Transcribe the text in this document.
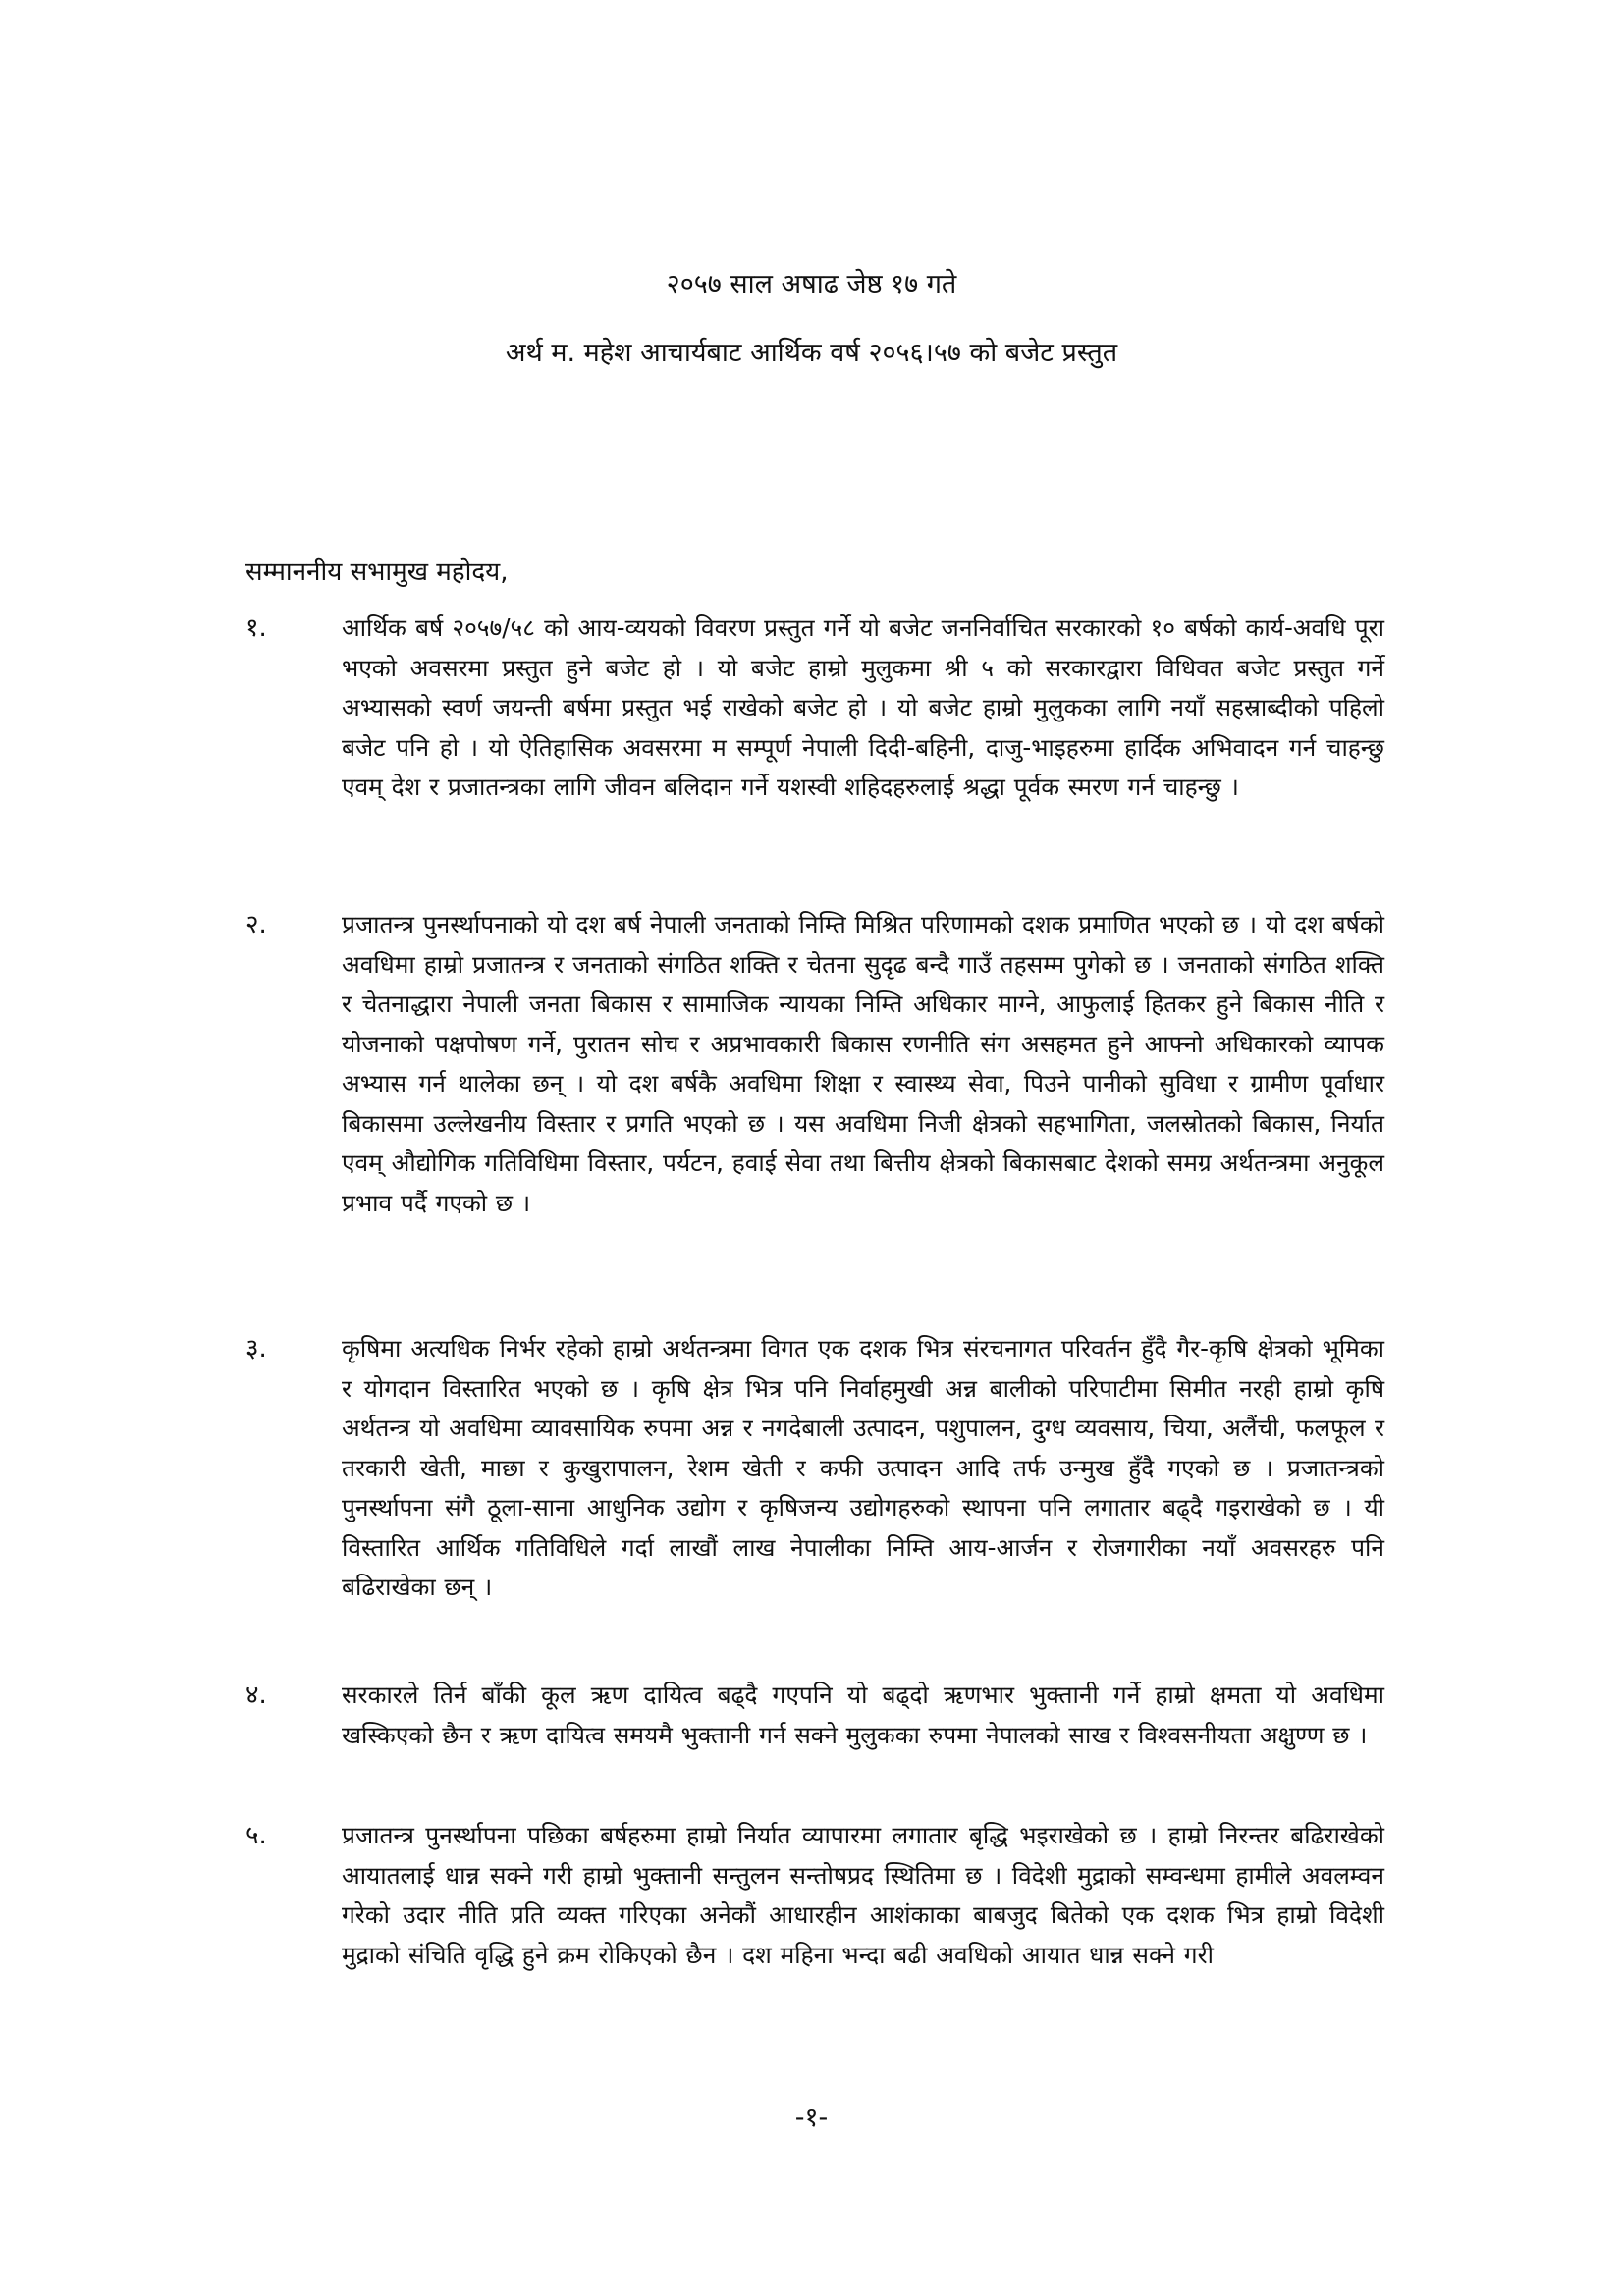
२०५७ साल अषाढ जेष्ठ १७ गते
अर्थ म. महेश आचार्यबाट आर्थिक वर्ष २०५६।५७ को बजेट प्रस्तुत
सम्माननीय सभामुख महोदय,
१.	आर्थिक बर्ष २०५७/५८ को आय-व्ययको विवरण प्रस्तुत गर्ने यो बजेट जननिर्वाचित सरकारको १० बर्षको कार्य-अवधि पूरा भएको अवसरमा प्रस्तुत हुने बजेट हो । यो बजेट हाम्रो मुलुकमा श्री ५ को सरकारद्वारा विधिवत बजेट प्रस्तुत गर्ने अभ्यासको स्वर्ण जयन्ती बर्षमा प्रस्तुत भई राखेको बजेट हो । यो बजेट हाम्रो मुलुकका लागि नयाँ सहस्राब्दीको पहिलो बजेट पनि हो । यो ऐतिहासिक अवसरमा म सम्पूर्ण नेपाली दिदी-बहिनी, दाजु-भाइहरुमा हार्दिक अभिवादन गर्न चाहन्छु एवम् देश र प्रजातन्त्रका लागि जीवन बलिदान गर्ने यशस्वी शहिदहरुलाई श्रद्धा पूर्वक स्मरण गर्न चाहन्छु ।
२.	प्रजातन्त्र पुनर्स्थापनाको यो दश बर्ष नेपाली जनताको निम्ति मिश्रित परिणामको दशक प्रमाणित भएको छ । यो दश बर्षको अवधिमा हाम्रो प्रजातन्त्र र जनताको संगठित शक्ति र चेतना सुदृढ बन्दै गाउँ तहसम्म पुगेको छ । जनताको संगठित शक्ति र चेतनाद्धारा नेपाली जनता बिकास र सामाजिक न्यायका निम्ति अधिकार माग्ने, आफुलाई हितकर हुने बिकास नीति र योजनाको पक्षपोषण गर्ने, पुरातन सोच र अप्रभावकारी बिकास रणनीति संग असहमत हुने आफ्नो अधिकारको व्यापक अभ्यास गर्न थालेका छन् । यो दश बर्षकै अवधिमा शिक्षा र स्वास्थ्य सेवा, पिउने पानीको सुविधा र ग्रामीण पूर्वाधार बिकासमा उल्लेखनीय विस्तार र प्रगति भएको छ । यस अवधिमा निजी क्षेत्रको सहभागिता, जलस्रोतको बिकास, निर्यात एवम् औद्योगिक गतिविधिमा विस्तार, पर्यटन, हवाई सेवा तथा बित्तीय क्षेत्रको बिकासबाट देशको समग्र अर्थतन्त्रमा अनुकूल प्रभाव पर्दै गएको छ ।
३.	कृषिमा अत्यधिक निर्भर रहेको हाम्रो अर्थतन्त्रमा विगत एक दशक भित्र संरचनागत परिवर्तन हुँदै गैर-कृषि क्षेत्रको भूमिका र योगदान विस्तारित भएको छ । कृषि क्षेत्र भित्र पनि निर्वाहमुखी अन्न बालीको परिपाटीमा सिमीत नरही हाम्रो कृषि अर्थतन्त्र यो अवधिमा व्यावसायिक रुपमा अन्न र नगदेबाली उत्पादन, पशुपालन, दुग्ध व्यवसाय, चिया, अलैंची, फलफूल र तरकारी खेती, माछा र कुखुरापालन, रेशम खेती र कफी उत्पादन आदि तर्फ उन्मुख हुँदै गएको छ । प्रजातन्त्रको पुनर्स्थापना संगै ठूला-साना आधुनिक उद्योग र कृषिजन्य उद्योगहरुको स्थापना पनि लगातार बढ्दै गइराखेको छ । यी विस्तारित आर्थिक गतिविधिले गर्दा लाखौं लाख नेपालीका निम्ति आय-आर्जन र रोजगारीका नयाँ अवसरहरु पनि बढिराखेका छन् ।
४.	सरकारले तिर्न बाँकी कूल ऋण दायित्व बढ्दै गएपनि यो बढ्दो ऋणभार भुक्तानी गर्ने हाम्रो क्षमता यो अवधिमा खस्किएको छैन र ऋण दायित्व समयमै भुक्तानी गर्न सक्ने मुलुकका रुपमा नेपालको साख र विश्वसनीयता अक्षुण्ण छ ।
५.	प्रजातन्त्र पुनर्स्थापना पछिका बर्षहरुमा हाम्रो निर्यात व्यापारमा लगातार बृद्धि भइराखेको छ । हाम्रो निरन्तर बढिराखेको आयातलाई धान्न सक्ने गरी हाम्रो भुक्तानी सन्तुलन सन्तोषप्रद स्थितिमा छ । विदेशी मुद्राको सम्वन्धमा हामीले अवलम्वन गरेको उदार नीति प्रति व्यक्त गरिएका अनेकौं आधारहीन आशंकाका बाबजुद बितेको एक दशक भित्र हाम्रो विदेशी मुद्राको संचिति वृद्धि हुने क्रम रोकिएको छैन । दश महिना भन्दा बढी अवधिको आयात धान्न सक्ने गरी
-१-
